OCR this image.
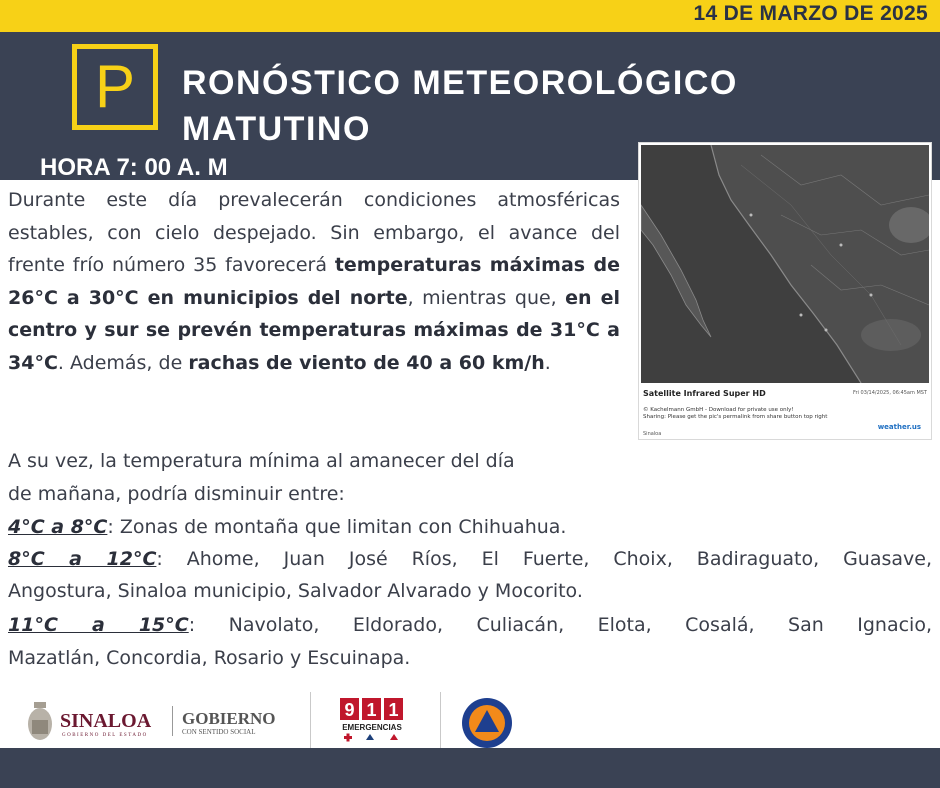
14 DE MARZO DE 2025
P	RONÓSTICO METEOROLÓGICO
MATUTINO
HORA 7: 00 A. M
Satellite Infrared Super HD	Fri 03/14/2025, 06:45am MST
© Kachelmann GmbH - Download for private use only!
Sharing: Please get the pic's permalink from share button top right
Sinaloa
weather.us
Durante este día prevalecerán condiciones atmosféricas estables, con cielo despejado. Sin embargo, el avance del frente frío número 35 favorecerá temperaturas máximas de 26°C a 30°C en municipios del norte, mientras que, en el centro y sur se prevén temperaturas máximas de 31°C a 34°C. Además, de rachas de viento de 40 a 60 km/h.
A su vez, la temperatura mínima al amanecer del día
de mañana, podría disminuir entre:
4°C a 8°C: Zonas de montaña que limitan con Chihuahua.
8°C a 12°C: Ahome, Juan José Ríos, El Fuerte, Choix, Badiraguato, Guasave,
Angostura, Sinaloa municipio, Salvador Alvarado y Mocorito.
11°C a 15°C: Navolato, Eldorado, Culiacán, Elota, Cosalá, San Ignacio,
Mazatlán, Concordia, Rosario y Escuinapa.
SINALOA
GOBIERNO DEL ESTADO
GOBIERNO
CON SENTIDO SOCIAL
9 1 1
EMERGENCIAS
